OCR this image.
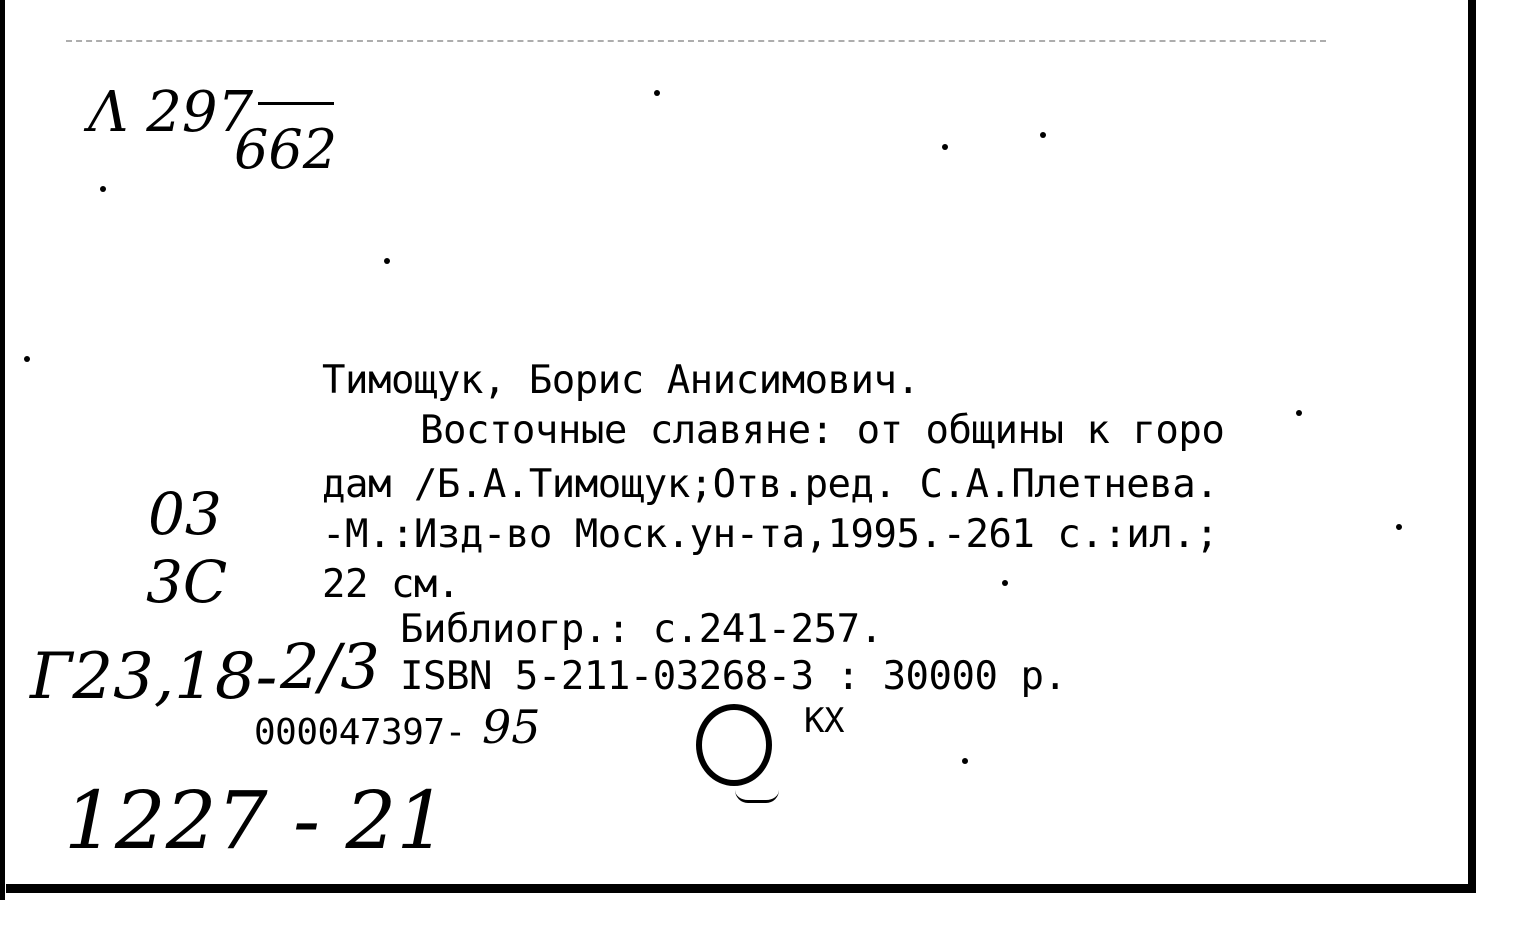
Λ 297
662
03
3С
Г23,18- 2/3
Тимощук, Борис Анисимович.
Восточные славяне: от общины к горо
дам /Б.А.Тимощук;Отв.ред. С.А.Плетнева.
-М.:Изд-во Моск.ун-та,1995.-261 с.:ил.;
22 см.
Библиогр.: с.241-257.
ISBN 5-211-03268-3 : 30000 р.
000047397- 95	КХ
1227 - 21
